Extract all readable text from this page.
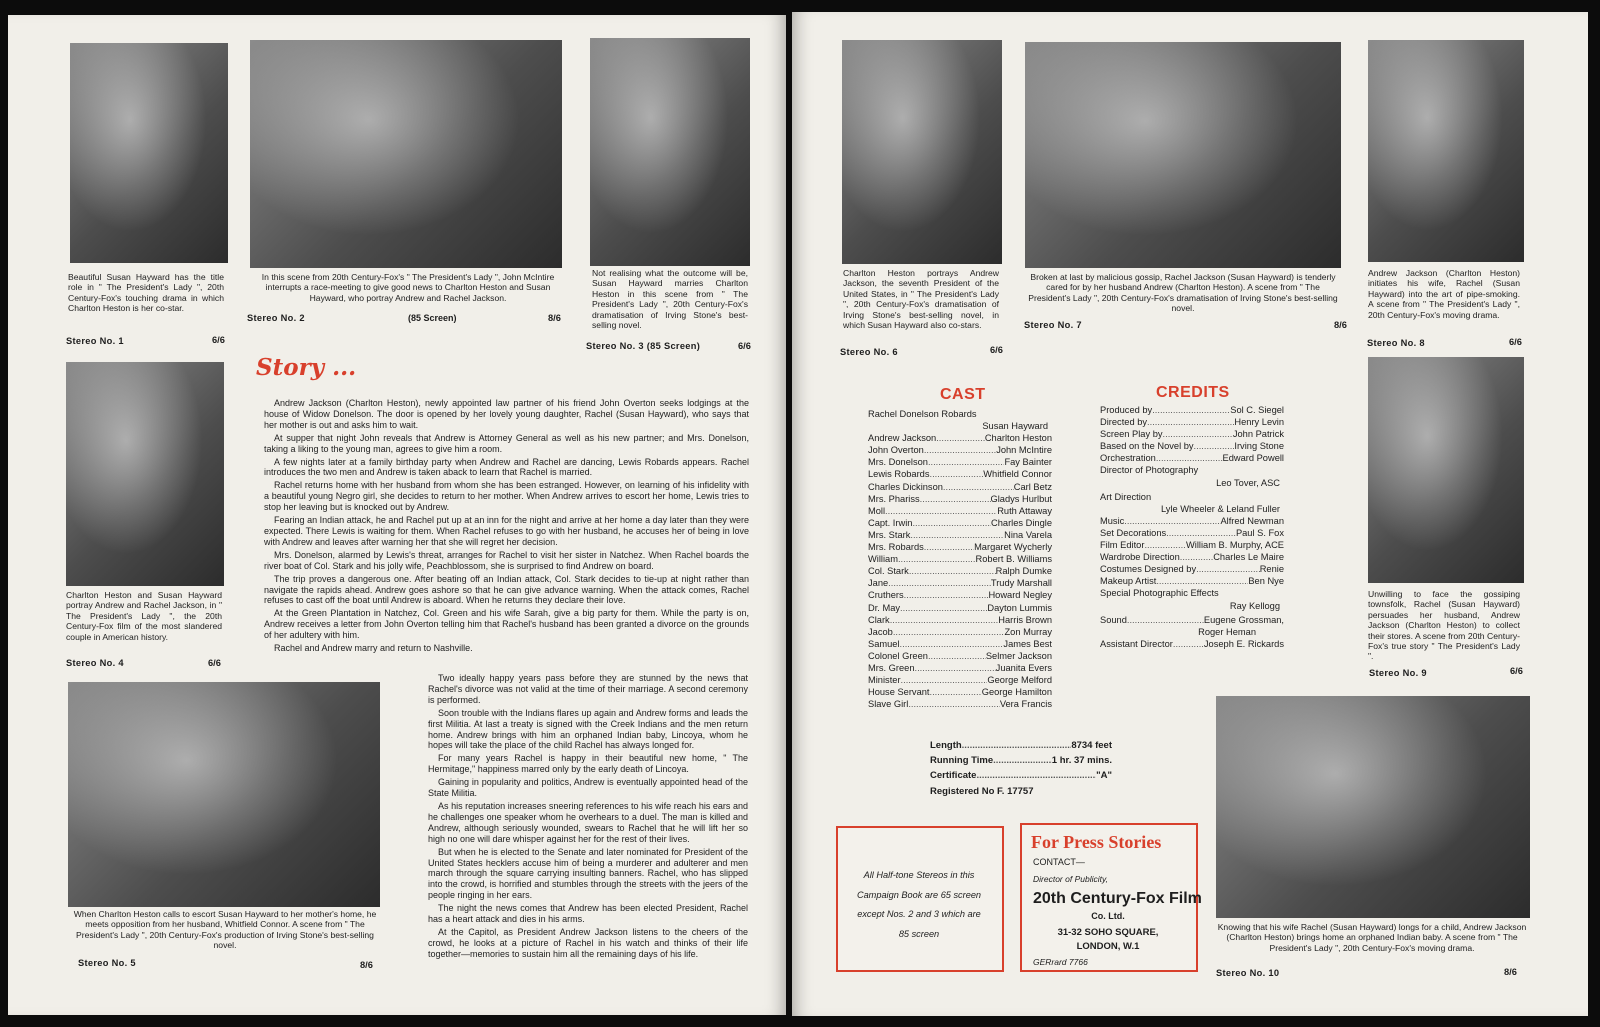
Beautiful Susan Hayward has the title role in " The President's Lady ", 20th Century-Fox's touching drama in which Charlton Heston is her co-star.
Stereo No. 1	6/6
In this scene from 20th Century-Fox's " The President's Lady ", John McIntire interrupts a race-meeting to give good news to Charlton Heston and Susan Hayward, who portray Andrew and Rachel Jackson.
Stereo No. 2	(85 Screen)	8/6
Not realising what the outcome will be, Susan Hayward marries Charlton Heston in this scene from " The President's Lady ", 20th Century-Fox's dramatisation of Irving Stone's best-selling novel.
Stereo No. 3 (85 Screen)	6/6
Charlton Heston and Susan Hayward portray Andrew and Rachel Jackson, in " The President's Lady ", the 20th Century-Fox film of the most slandered couple in American history.
Stereo No. 4	6/6
When Charlton Heston calls to escort Susan Hayward to her mother's home, he meets opposition from her husband, Whitfield Connor. A scene from " The President's Lady ", 20th Century-Fox's production of Irving Stone's best-selling novel.
Stereo No. 5	8/6
Story ...

Andrew Jackson (Charlton Heston), newly appointed law partner of his friend John Overton seeks lodgings at the house of Widow Donelson. The door is opened by her lovely young daughter, Rachel (Susan Hayward), who says that her mother is out and asks him to wait.

At supper that night John reveals that Andrew is Attorney General as well as his new partner; and Mrs. Donelson, taking a liking to the young man, agrees to give him a room.

A few nights later at a family birthday party when Andrew and Rachel are dancing, Lewis Robards appears. Rachel introduces the two men and Andrew is taken aback to learn that Rachel is married.

Rachel returns home with her husband from whom she has been estranged. However, on learning of his infidelity with a beautiful young Negro girl, she decides to return to her mother. When Andrew arrives to escort her home, Lewis tries to stop her leaving but is knocked out by Andrew.

Fearing an Indian attack, he and Rachel put up at an inn for the night and arrive at her home a day later than they were expected. There Lewis is waiting for them. When Rachel refuses to go with her husband, he accuses her of being in love with Andrew and leaves after warning her that she will regret her decision.

Mrs. Donelson, alarmed by Lewis's threat, arranges for Rachel to visit her sister in Natchez. When Rachel boards the river boat of Col. Stark and his jolly wife, Peachblossom, she is surprised to find Andrew on board.

The trip proves a dangerous one. After beating off an Indian attack, Col. Stark decides to tie-up at night rather than navigate the rapids ahead. Andrew goes ashore so that he can give advance warning. When the attack comes, Rachel refuses to cast off the boat until Andrew is aboard. When he returns they declare their love.

At the Green Plantation in Natchez, Col. Green and his wife Sarah, give a big party for them. While the party is on, Andrew receives a letter from John Overton telling him that Rachel's husband has been granted a divorce on the grounds of her adultery with him.

Rachel and Andrew marry and return to Nashville.

Two ideally happy years pass before they are stunned by the news that Rachel's divorce was not valid at the time of their marriage. A second ceremony is performed.

Soon trouble with the Indians flares up again and Andrew forms and leads the first Militia. At last a treaty is signed with the Creek Indians and the men return home. Andrew brings with him an orphaned Indian baby, Lincoya, whom he hopes will take the place of the child Rachel has always longed for.

For many years Rachel is happy in their beautiful new home, " The Hermitage," happiness marred only by the early death of Lincoya.

Gaining in popularity and politics, Andrew is eventually appointed head of the State Militia.

As his reputation increases sneering references to his wife reach his ears and he challenges one speaker whom he overhears to a duel. The man is killed and Andrew, although seriously wounded, swears to Rachel that he will lift her so high no one will dare whisper against her for the rest of their lives.

But when he is elected to the Senate and later nominated for President of the United States hecklers accuse him of being a murderer and adulterer and men march through the square carrying insulting banners. Rachel, who has slipped into the crowd, is horrified and stumbles through the streets with the jeers of the people ringing in her ears.

The night the news comes that Andrew has been elected President, Rachel has a heart attack and dies in his arms.

At the Capitol, as President Andrew Jackson listens to the cheers of the crowd, he looks at a picture of Rachel in his watch and thinks of their life together—memories to sustain him all the remaining days of his life.

Charlton Heston portrays Andrew Jackson, the seventh President of the United States, in " The President's Lady ", 20th Century-Fox's dramatisation of Irving Stone's best-selling novel, in which Susan Hayward also co-stars.
Stereo No. 6	6/6
Broken at last by malicious gossip, Rachel Jackson (Susan Hayward) is tenderly cared for by her husband Andrew (Charlton Heston). A scene from " The President's Lady ", 20th Century-Fox's dramatisation of Irving Stone's best-selling novel.
Stereo No. 7	8/6
Andrew Jackson (Charlton Heston) initiates his wife, Rachel (Susan Hayward) into the art of pipe-smoking. A scene from " The President's Lady ", 20th Century-Fox's moving drama.
Stereo No. 8	6/6
Unwilling to face the gossiping townsfolk, Rachel (Susan Hayward) persuades her husband, Andrew Jackson (Charlton Heston) to collect their stores. A scene from 20th Century-Fox's true story " The President's Lady ".
Stereo No. 9	6/6
Knowing that his wife Rachel (Susan Hayward) longs for a child, Andrew Jackson (Charlton Heston) brings home an orphaned Indian baby. A scene from " The President's Lady ", 20th Century-Fox's moving drama.
Stereo No. 10	8/6
CAST
Rachel Donelson Robards
Susan Hayward
Andrew Jackson .....	Charlton Heston
John Overton .....	John McIntire
Mrs. Donelson .....	Fay Bainter
Lewis Robards .....	Whitfield Connor
Charles Dickinson .....	Carl Betz
Mrs. Phariss .....	Gladys Hurlbut
Moll .....	Ruth Attaway
Capt. Irwin .....	Charles Dingle
Mrs. Stark .....	Nina Varela
Mrs. Robards .....	Margaret Wycherly
William .....	Robert B. Williams
Col. Stark .....	Ralph Dumke
Jane .....	Trudy Marshall
Cruthers .....	Howard Negley
Dr. May .....	Dayton Lummis
Clark .....	Harris Brown
Jacob .....	Zon Murray
Samuel .....	James Best
Colonel Green .....	Selmer Jackson
Mrs. Green .....	Juanita Evers
Minister .....	George Melford
House Servant .....	George Hamilton
Slave Girl .....	Vera Francis
CREDITS
Produced by .....	Sol C. Siegel
Directed by .....	Henry Levin
Screen Play by .....	John Patrick
Based on the Novel by .....	Irving Stone
Orchestration .....	Edward Powell
Director of Photography
Leo Tover, ASC
Art Direction
Lyle Wheeler & Leland Fuller
Music .....	Alfred Newman
Set Decorations .....	Paul S. Fox
Film Editor .....	William B. Murphy, ACE
Wardrobe Direction .....	Charles Le Maire
Costumes Designed by .....	Renie
Makeup Artist .....	Ben Nye
Special Photographic Effects
Ray Kellogg
Sound .....	Eugene Grossman,
Roger Heman
Assistant Director .....	Joseph E. Rickards
Length .....	8734 feet
Running Time .....	1 hr. 37 mins.
Certificate .....	"A"
Registered No F. 17757
All Half-tone Stereos in this
Campaign Book are 65 screen
except Nos. 2 and 3 which are
85 screen
For Press Stories
CONTACT—
Director of Publicity,
20th Century-Fox Film
Co. Ltd.
31-32 SOHO SQUARE,
LONDON, W.1
GERrard 7766
